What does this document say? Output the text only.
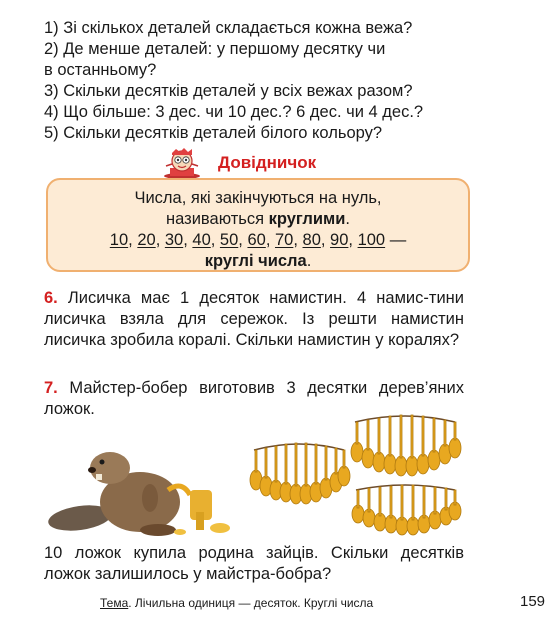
1) Зі скількох деталей складається кожна вежа?
2) Де менше деталей: у першому десятку чи
в останньому?
3) Скільки десятків деталей у всіх вежах разом?
4) Що більше: 3 дес. чи 10 дес.? 6 дес. чи 4 дес.?
5) Скільки десятків деталей білого кольору?
Довідничок
Числа, які закінчуються на нуль,
називаються круглими.
10, 20, 30, 40, 50, 60, 70, 80, 90, 100 —
круглі числа.
6. Лисичка має 1 десяток намистин. 4 намис-тини лисичка взяла для сережок. Із решти намистин лисичка зробила коралі. Скільки намистин у коралях?
7. Майстер-бобер виготовив 3 десятки дерев’яних ложок.
10 ложок купила родина зайців. Скільки десятків ложок залишилось у майстра-бобра?
Тема . Лічильна одиниця — десяток. Круглі числа	159
